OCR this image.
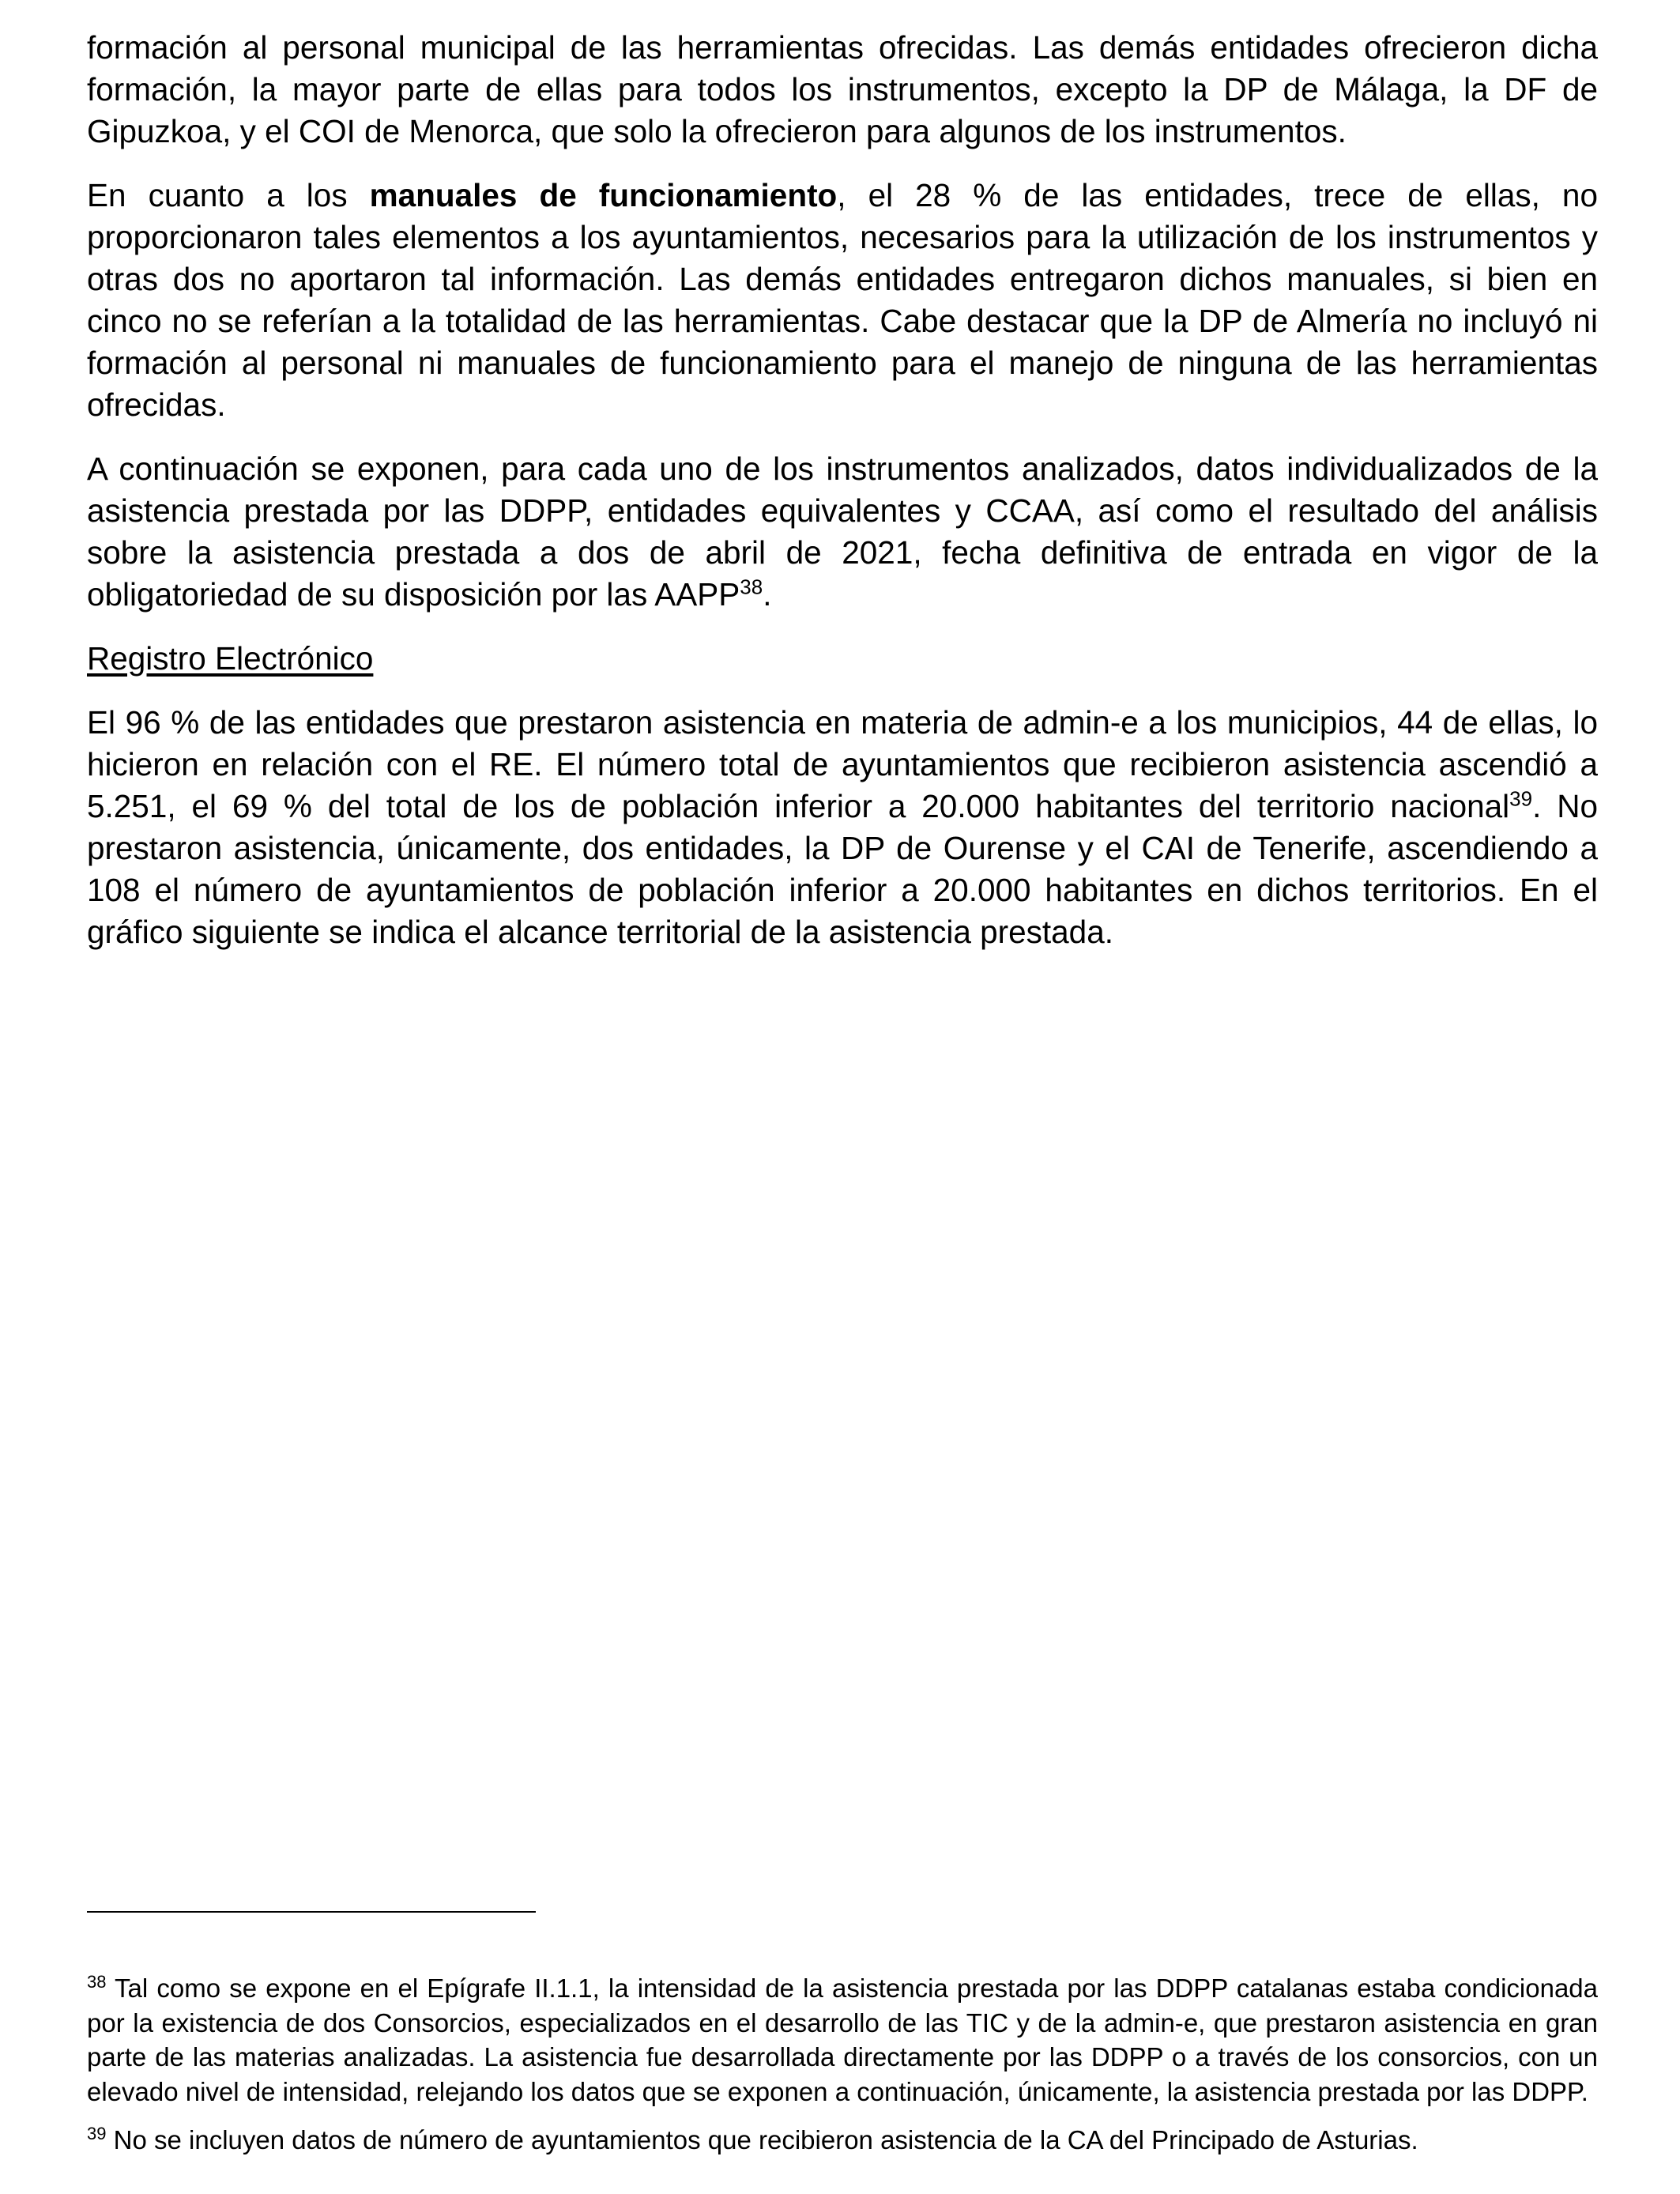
formación al personal municipal de las herramientas ofrecidas. Las demás entidades ofrecieron dicha formación, la mayor parte de ellas para todos los instrumentos, excepto la DP de Málaga, la DF de Gipuzkoa, y el COI de Menorca, que solo la ofrecieron para algunos de los instrumentos.

En cuanto a los manuales de funcionamiento, el 28 % de las entidades, trece de ellas, no proporcionaron tales elementos a los ayuntamientos, necesarios para la utilización de los instrumentos y otras dos no aportaron tal información. Las demás entidades entregaron dichos manuales, si bien en cinco no se referían a la totalidad de las herramientas. Cabe destacar que la DP de Almería no incluyó ni formación al personal ni manuales de funcionamiento para el manejo de ninguna de las herramientas ofrecidas.

A continuación se exponen, para cada uno de los instrumentos analizados, datos individualizados de la asistencia prestada por las DDPP, entidades equivalentes y CCAA, así como el resultado del análisis sobre la asistencia prestada a dos de abril de 2021, fecha definitiva de entrada en vigor de la obligatoriedad de su disposición por las AAPP$^{38}$.

Registro Electrónico

El 96 % de las entidades que prestaron asistencia en materia de admin-e a los municipios, 44 de ellas, lo hicieron en relación con el RE. El número total de ayuntamientos que recibieron asistencia ascendió a 5.251, el 69 % del total de los de población inferior a 20.000 habitantes del territorio nacional$^{39}$. No prestaron asistencia, únicamente, dos entidades, la DP de Ourense y el CAI de Tenerife, ascendiendo a 108 el número de ayuntamientos de población inferior a 20.000 habitantes en dichos territorios. En el gráfico siguiente se indica el alcance territorial de la asistencia prestada.

$^{38}$ Tal como se expone en el Epígrafe II.1.1, la intensidad de la asistencia prestada por las DDPP catalanas estaba condicionada por la existencia de dos Consorcios, especializados en el desarrollo de las TIC y de la admin-e, que prestaron asistencia en gran parte de las materias analizadas. La asistencia fue desarrollada directamente por las DDPP o a través de los consorcios, con un elevado nivel de intensidad, relejando los datos que se exponen a continuación, únicamente, la asistencia prestada por las DDPP.

$^{39}$ No se incluyen datos de número de ayuntamientos que recibieron asistencia de la CA del Principado de Asturias.
